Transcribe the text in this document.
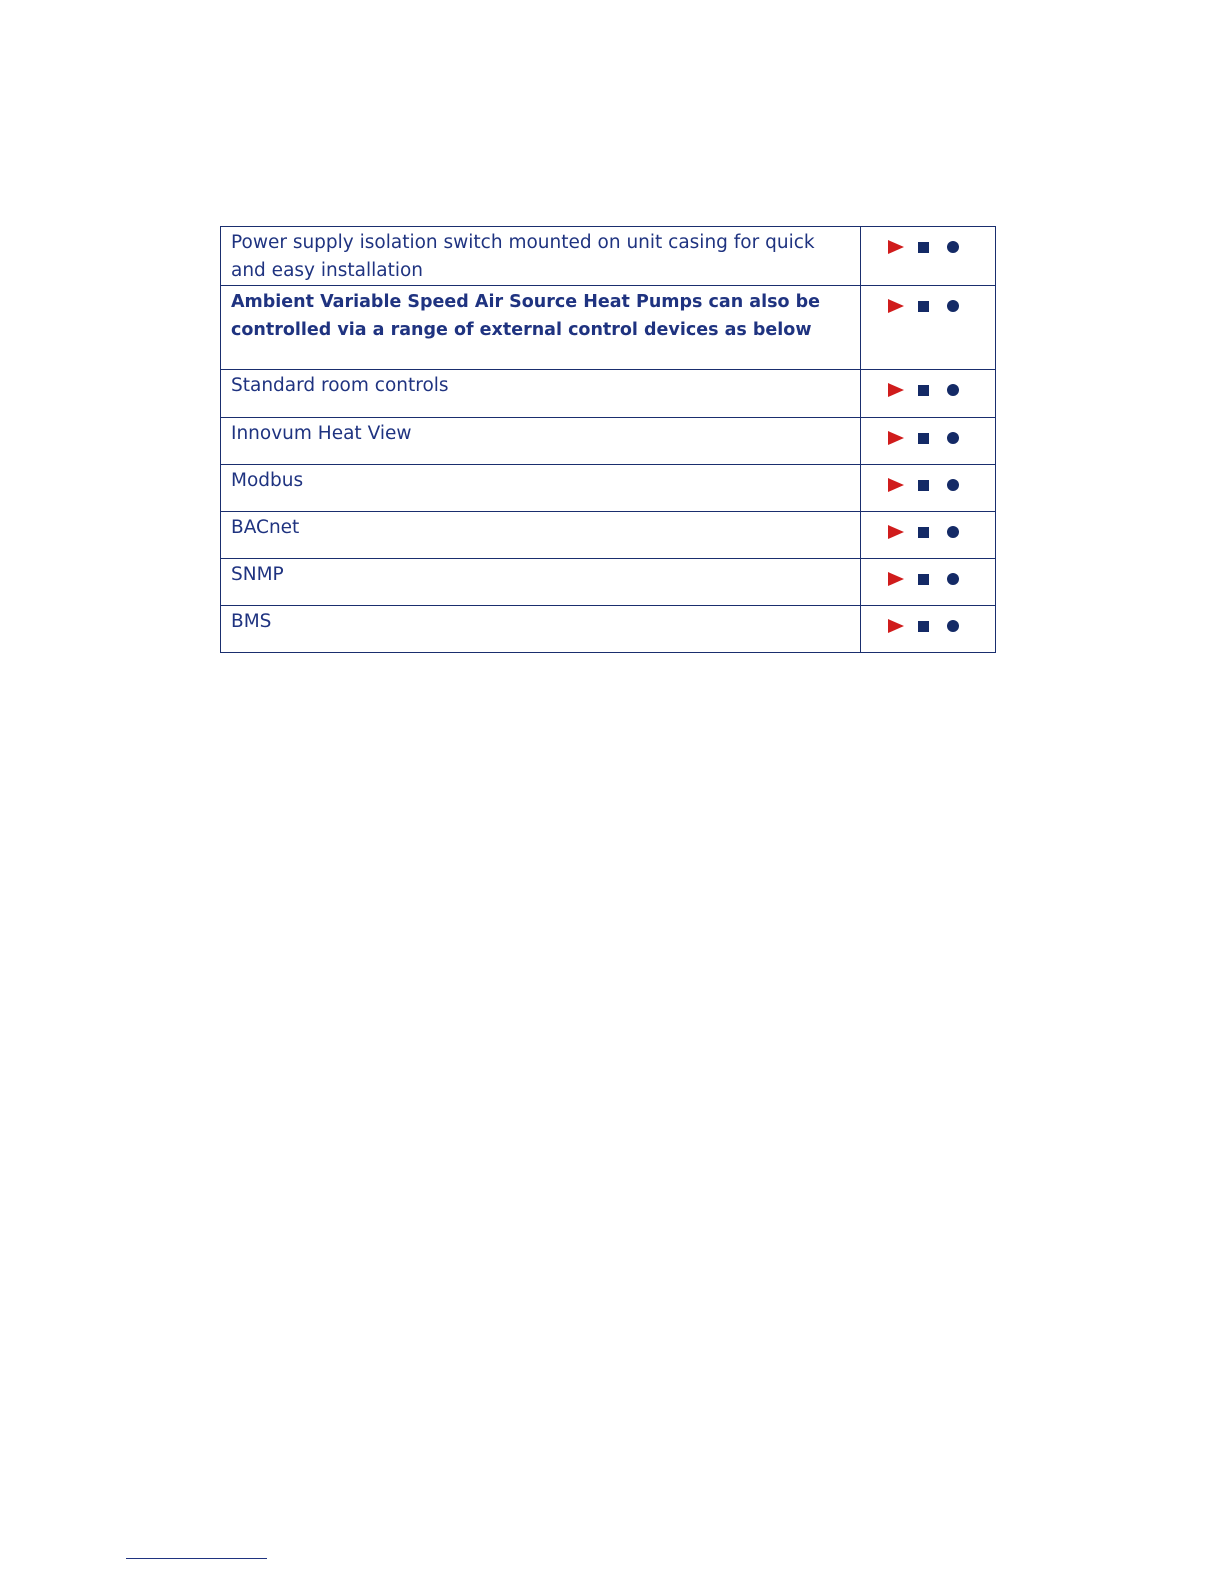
Power supply isolation switch mounted on unit casing for quick and easy installation	

Ambient Variable Speed Air Source Heat Pumps can also be controlled via a range of external control devices as below	

Standard room controls	

Innovum Heat View	

Modbus	

BACnet	

SNMP	

BMS	
